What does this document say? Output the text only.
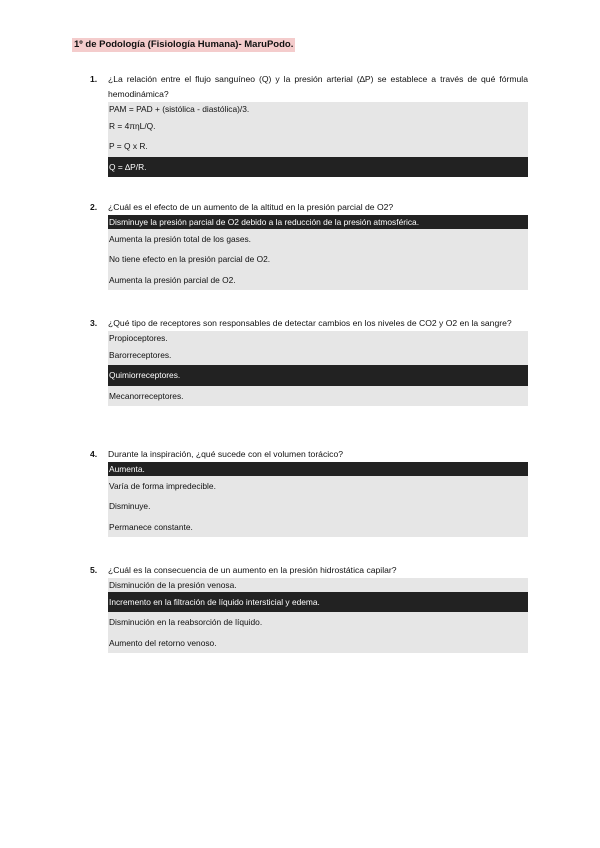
1º de Podología (Fisiología Humana)- MaruPodo.
1.	¿La relación entre el flujo sanguíneo (Q) y la presión arterial (∆P) se establece a través de qué fórmula hemodinámica?
PAM = PAD + (sistólica - diastólica)/3.
R = 4πηL/Q.
P = Q x R.
Q = ∆P/R.
2.	¿Cuál es el efecto de un aumento de la altitud en la presión parcial de O2?
Disminuye la presión parcial de O2 debido a la reducción de la presión atmosférica.
Aumenta la presión total de los gases.
No tiene efecto en la presión parcial de O2.
Aumenta la presión parcial de O2.
3.	¿Qué tipo de receptores son responsables de detectar cambios en los niveles de CO2 y O2 en la sangre?
Propioceptores.
Barorreceptores.
Quimiorreceptores.
Mecanorreceptores.
4.	Durante la inspiración, ¿qué sucede con el volumen torácico?
Aumenta.
Varía de forma impredecible.
Disminuye.
Permanece constante.
5.	¿Cuál es la consecuencia de un aumento en la presión hidrostática capilar?
Disminución de la presión venosa.
Incremento en la filtración de líquido intersticial y edema.
Disminución en la reabsorción de líquido.
Aumento del retorno venoso.
